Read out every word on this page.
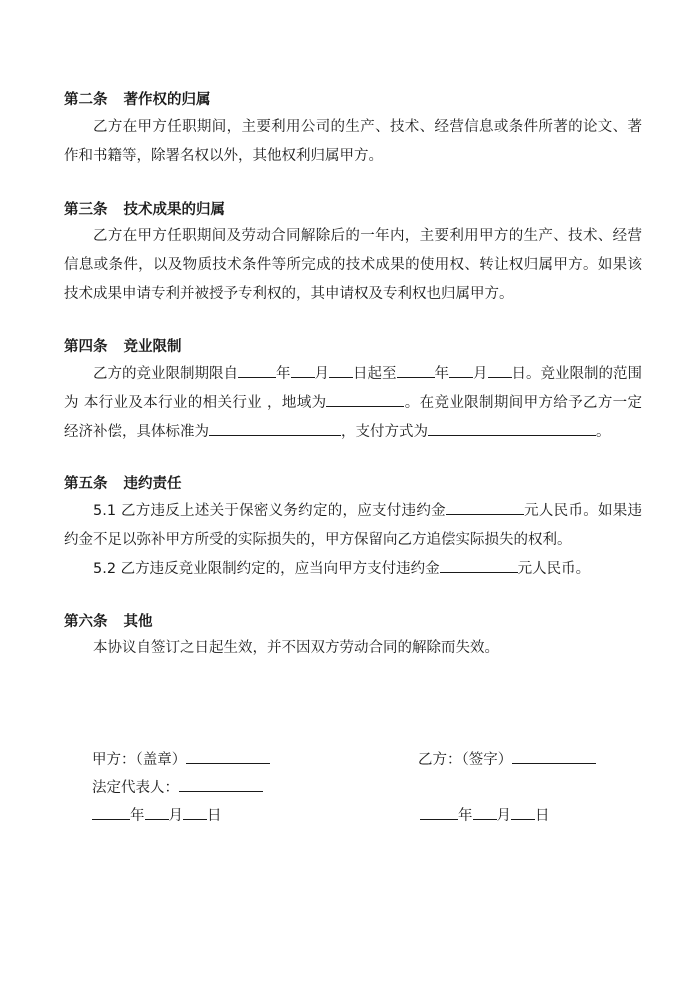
第二条 著作权的归属
乙方在甲方任职期间，主要利用公司的生产、技术、经营信息或条件所著的论文、著作和书籍等，除署名权以外，其他权利归属甲方。
第三条 技术成果的归属
乙方在甲方任职期间及劳动合同解除后的一年内，主要利用甲方的生产、技术、经营信息或条件，以及物质技术条件等所完成的技术成果的使用权、转让权归属甲方。如果该技术成果申请专利并被授予专利权的，其申请权及专利权也归属甲方。
第四条 竞业限制
乙方的竞业限制期限自	年 月 日起至	年 月 日。竞业限制的范围为 本行业及本行业的相关行业 ，地域为	。在竞业限制期间甲方给予乙方一定经济补偿，具体标准为	，支付方式为	。
第五条 违约责任
5.1 乙方违反上述关于保密义务约定的，应支付违约金	元人民币。如果违约金不足以弥补甲方所受的实际损失的，甲方保留向乙方追偿实际损失的权利。
5.2 乙方违反竞业限制约定的，应当向甲方支付违约金	元人民币。
第六条 其他
本协议自签订之日起生效，并不因双方劳动合同的解除而失效。
甲方：（盖章）	乙方：（签字）
法定代表人：
年 月 日	年 月 日
